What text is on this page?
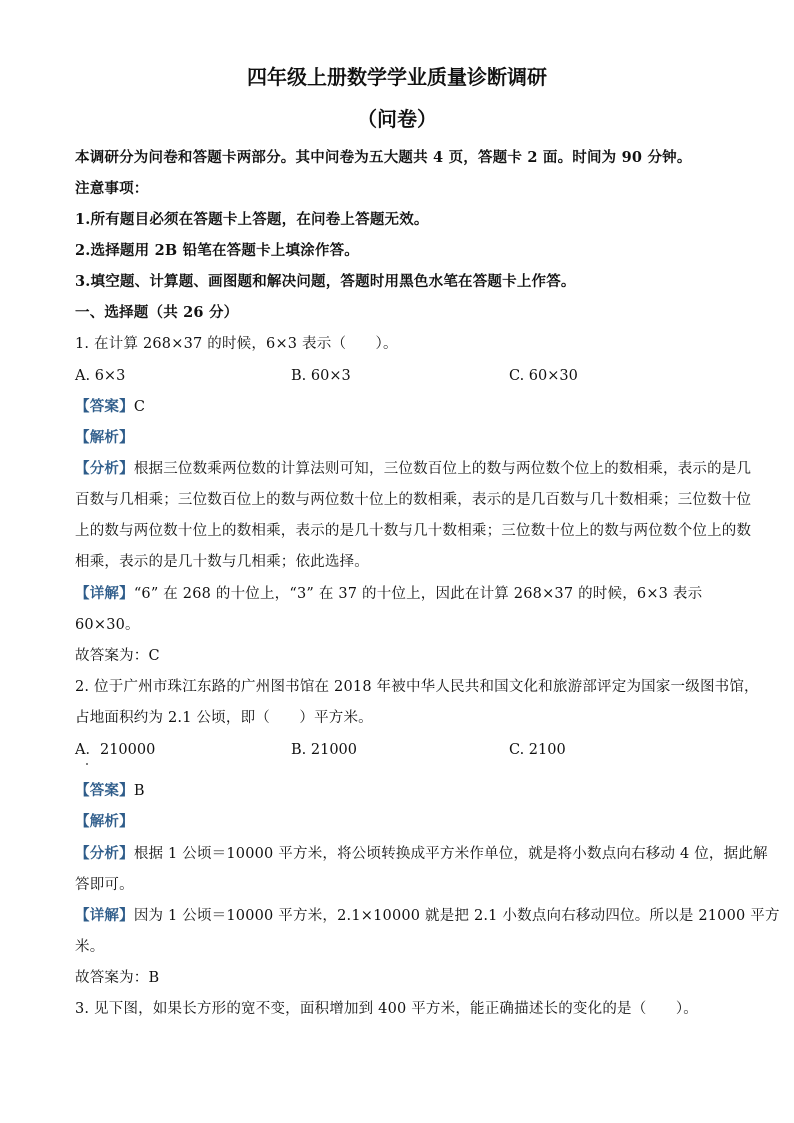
四年级上册数学学业质量诊断调研
（问卷）
本调研分为问卷和答题卡两部分。其中问卷为五大题共 4 页，答题卡 2 面。时间为 90 分钟。
注意事项：
1.所有题目必须在答题卡上答题，在问卷上答题无效。
2.选择题用 2B 铅笔在答题卡上填涂作答。
3.填空题、计算题、画图题和解决问题，答题时用黑色水笔在答题卡上作答。
一、选择题（共 26 分）
1. 在计算 268×37 的时候，6×3 表示（　　）。
A. 6×3	B. 60×3	C. 60×30
【答案】C
【解析】
【分析】根据三位数乘两位数的计算法则可知，三位数百位上的数与两位数个位上的数相乘，表示的是几
百数与几相乘；三位数百位上的数与两位数十位上的数相乘，表示的是几百数与几十数相乘；三位数十位
上的数与两位数十位上的数相乘，表示的是几十数与几十数相乘；三位数十位上的数与两位数个位上的数
相乘，表示的是几十数与几相乘；依此选择。
【详解】“6” 在 268 的十位上，“3” 在 37 的十位上，因此在计算 268×37 的时候，6×3 表示
60×30。
故答案为：C
2. 位于广州市珠江东路的广州图书馆在 2018 年被中华人民共和国文化和旅游部评定为国家一级图书馆，
占地面积约为 2.1 公顷，即（　　）平方米。
A．210000	B. 21000	C. 2100
【答案】B
【解析】
【分析】根据 1 公顷＝10000 平方米，将公顷转换成平方米作单位，就是将小数点向右移动 4 位，据此解
答即可。
【详解】因为 1 公顷＝10000 平方米，2.1×10000 就是把 2.1 小数点向右移动四位。所以是 21000 平方
米。
故答案为：B
3. 见下图，如果长方形的宽不变，面积增加到 400 平方米，能正确描述长的变化的是（　　）。
